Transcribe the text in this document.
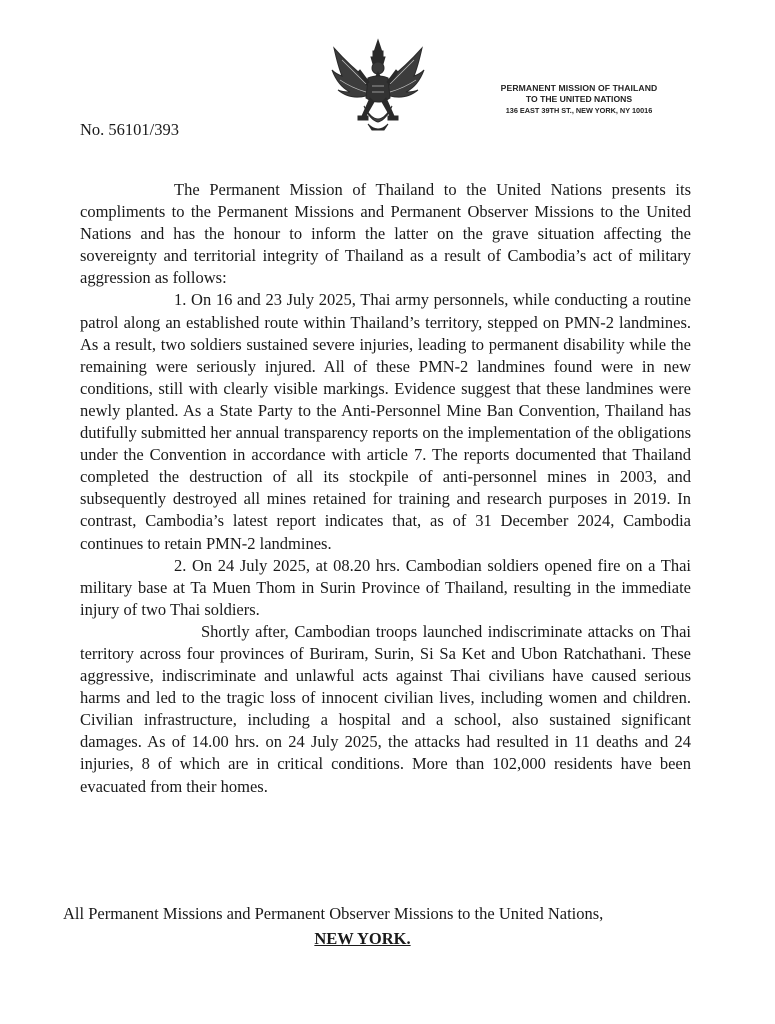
PERMANENT MISSION OF THAILAND
TO THE UNITED NATIONS
136 EAST 39TH ST., NEW YORK, NY 10016
No. 56101/393

The Permanent Mission of Thailand to the United Nations presents its compliments to the Permanent Missions and Permanent Observer Missions to the United Nations and has the honour to inform the latter on the grave situation affecting the sovereignty and territorial integrity of Thailand as a result of Cambodia’s act of military aggression as follows:

1. On 16 and 23 July 2025, Thai army personnels, while conducting a routine patrol along an established route within Thailand’s territory, stepped on PMN-2 landmines. As a result, two soldiers sustained severe injuries, leading to permanent disability while the remaining were seriously injured. All of these PMN-2 landmines found were in new conditions, still with clearly visible markings. Evidence suggest that these landmines were newly planted. As a State Party to the Anti-Personnel Mine Ban Convention, Thailand has dutifully submitted her annual transparency reports on the implementation of the obligations under the Convention in accordance with article 7. The reports documented that Thailand completed the destruction of all its stockpile of anti-personnel mines in 2003, and subsequently destroyed all mines retained for training and research purposes in 2019. In contrast, Cambodia’s latest report indicates that, as of 31 December 2024, Cambodia continues to retain PMN-2 landmines.

2. On 24 July 2025, at 08.20 hrs. Cambodian soldiers opened fire on a Thai military base at Ta Muen Thom in Surin Province of Thailand, resulting in the immediate injury of two Thai soldiers.

Shortly after, Cambodian troops launched indiscriminate attacks on Thai territory across four provinces of Buriram, Surin, Si Sa Ket and Ubon Ratchathani. These aggressive, indiscriminate and unlawful acts against Thai civilians have caused serious harms and led to the tragic loss of innocent civilian lives, including women and children. Civilian infrastructure, including a hospital and a school, also sustained significant damages. As of 14.00 hrs. on 24 July 2025, the attacks had resulted in 11 deaths and 24 injuries, 8 of which are in critical conditions. More than 102,000 residents have been evacuated from their homes.

All Permanent Missions and Permanent Observer Missions to the United Nations,
NEW YORK.
